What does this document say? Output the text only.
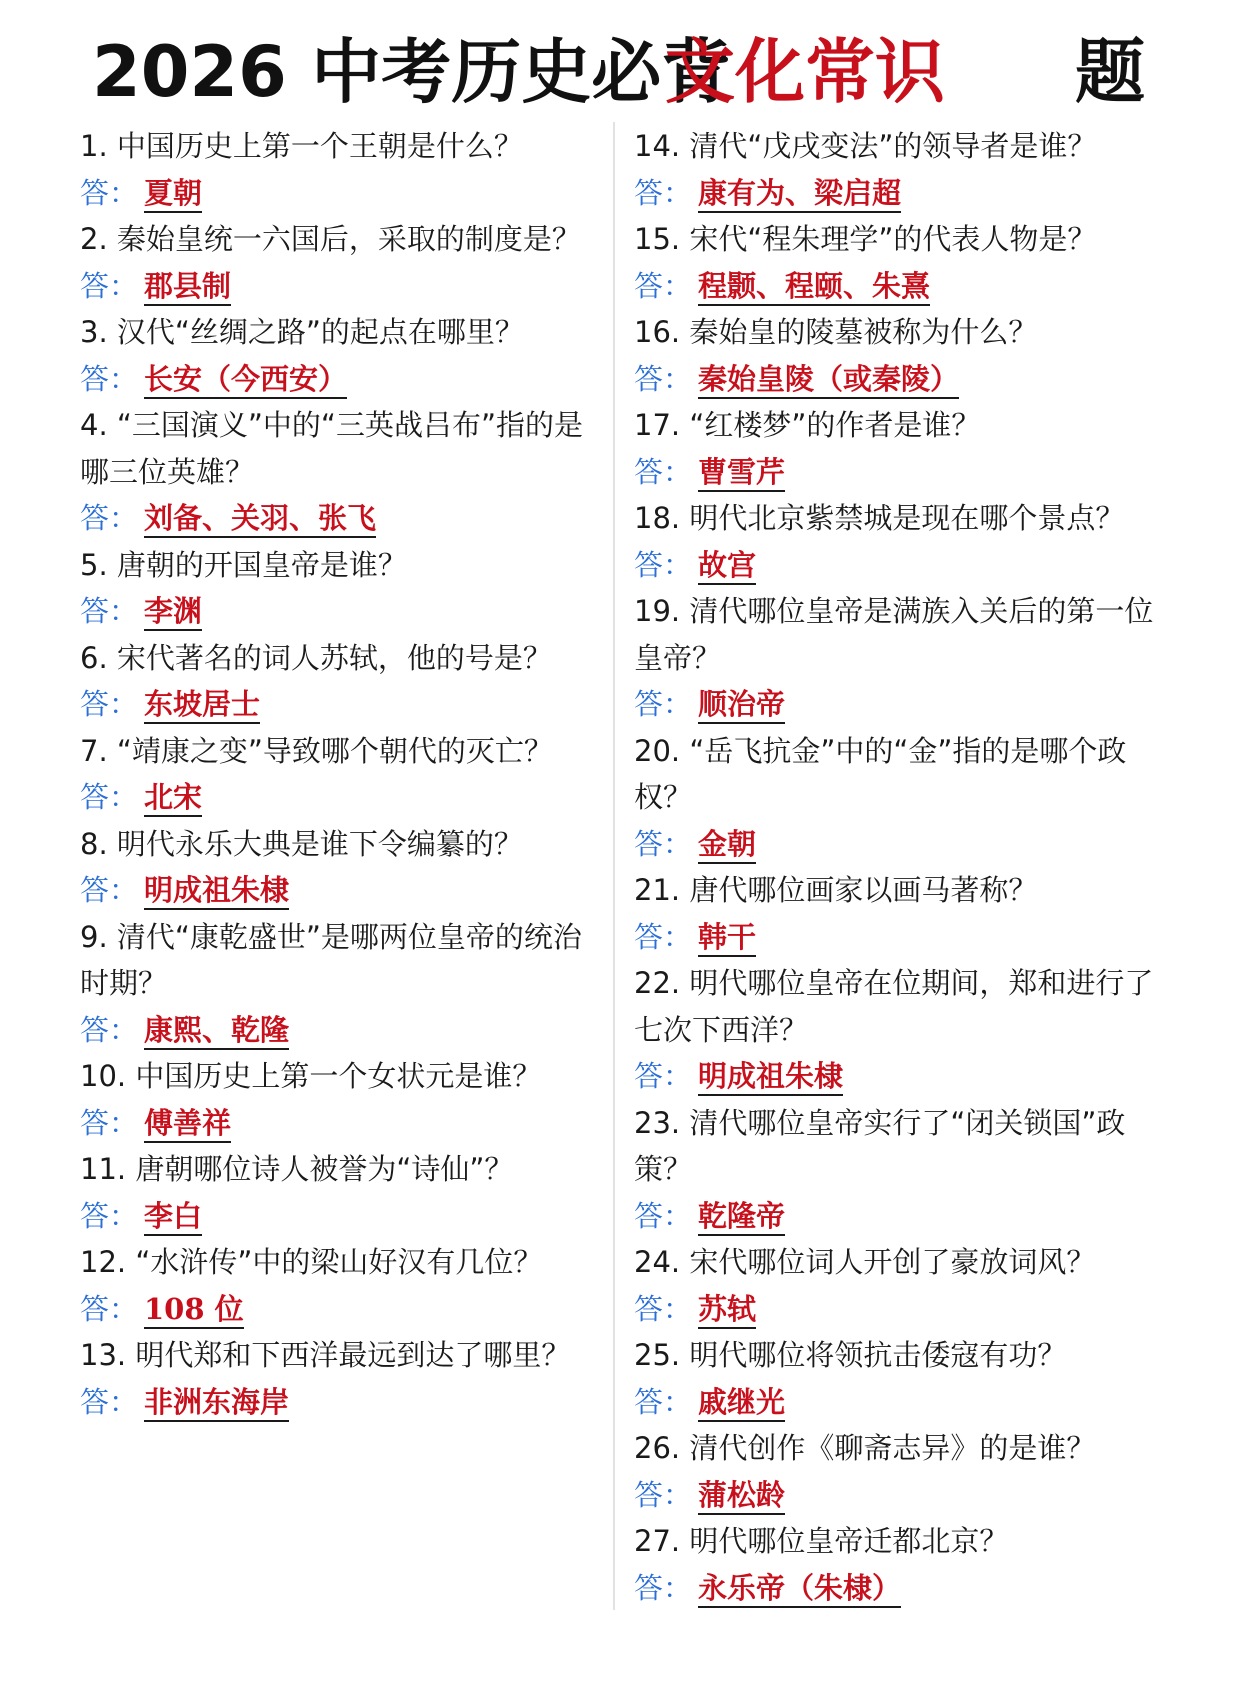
2026 中考历史必背
文化常识 题

1. 中国历史上第一个王朝是什么？

答： 夏朝

2. 秦始皇统一六国后，采取的制度是？

答： 郡县制

3. 汉代“丝绸之路”的起点在哪里？

答： 长安（今西安）

4. “三国演义”中的“三英战吕布”指的是哪三位英雄？

答： 刘备、关羽、张飞

5. 唐朝的开国皇帝是谁？

答： 李渊

6. 宋代著名的词人苏轼，他的号是？

答： 东坡居士

7. “靖康之变”导致哪个朝代的灭亡？

答： 北宋

8. 明代永乐大典是谁下令编纂的？

答： 明成祖朱棣

9. 清代“康乾盛世”是哪两位皇帝的统治时期？

答： 康熙、乾隆

10. 中国历史上第一个女状元是谁？

答： 傅善祥

11. 唐朝哪位诗人被誉为“诗仙”？

答： 李白

12. “水浒传”中的梁山好汉有几位？

答： 108 位

13. 明代郑和下西洋最远到达了哪里？

答： 非洲东海岸

14. 清代“戊戌变法”的领导者是谁？

答： 康有为、梁启超

15. 宋代“程朱理学”的代表人物是？

答： 程颢、程颐、朱熹

16. 秦始皇的陵墓被称为什么？

答： 秦始皇陵（或秦陵）

17. “红楼梦”的作者是谁？

答： 曹雪芹

18. 明代北京紫禁城是现在哪个景点？

答： 故宫

19. 清代哪位皇帝是满族入关后的第一位皇帝？

答： 顺治帝

20. “岳飞抗金”中的“金”指的是哪个政权？

答： 金朝

21. 唐代哪位画家以画马著称？

答： 韩干

22. 明代哪位皇帝在位期间，郑和进行了七次下西洋？

答： 明成祖朱棣

23. 清代哪位皇帝实行了“闭关锁国”政策？

答： 乾隆帝

24. 宋代哪位词人开创了豪放词风？

答： 苏轼

25. 明代哪位将领抗击倭寇有功？

答： 戚继光

26. 清代创作《聊斋志异》的是谁？

答： 蒲松龄

27. 明代哪位皇帝迁都北京？

答： 永乐帝（朱棣）
